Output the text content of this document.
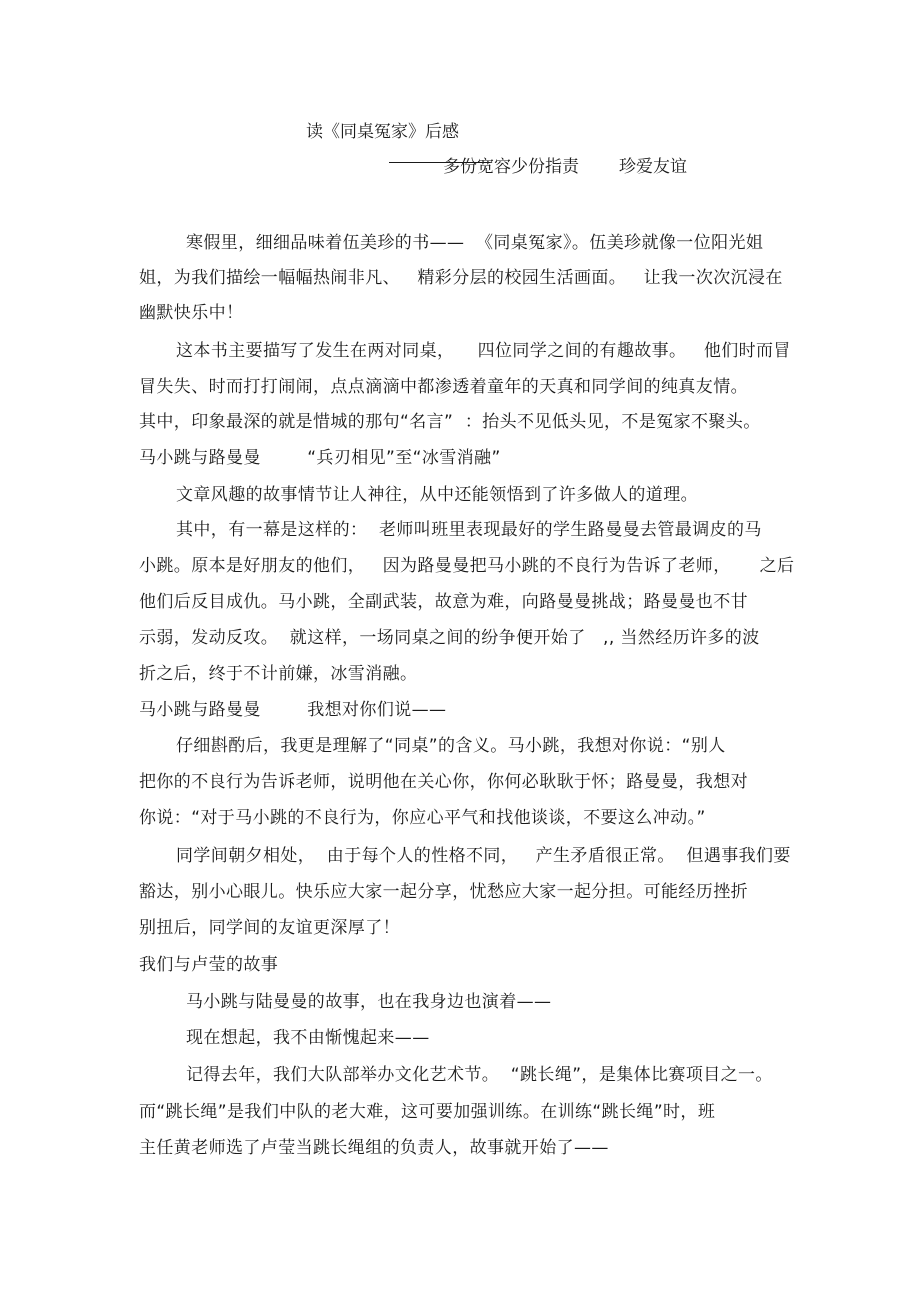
读《同桌冤家》后感
多份宽容少份指责 珍爱友谊
寒假里，细细品味着伍美珍的书——  《同桌冤家》。伍美珍就像一位阳光姐
姐，为我们描绘一幅幅热闹非凡、   精彩分层的校园生活画面。   让我一次次沉浸在
幽默快乐中！
这本书主要描写了发生在两对同桌，    四位同学之间的有趣故事。   他们时而冒
冒失失、时而打打闹闹，点点滴滴中都渗透着童年的天真和同学间的纯真友情。
其中，印象最深的就是惜城的那句“名言”  ：抬头不见低头见，不是冤家不聚头。
马小跳与路曼曼        “兵刃相见”至“冰雪消融”
文章风趣的故事情节让人神往，从中还能领悟到了许多做人的道理。
其中，有一幕是这样的：  老师叫班里表现最好的学生路曼曼去管最调皮的马
小跳。原本是好朋友的他们，   因为路曼曼把马小跳的不良行为告诉了老师，     之后
他们后反目成仇。马小跳，全副武装，故意为难，向路曼曼挑战；路曼曼也不甘
示弱，发动反攻。  就这样，一场同桌之间的纷争便开始了   ,, 当然经历许多的波
折之后，终于不计前嫌，冰雪消融。
马小跳与路曼曼        我想对你们说——
仔细斟酌后，我更是理解了“同桌”的含义。马小跳，我想对你说：“别人
把你的不良行为告诉老师，说明他在关心你，你何必耿耿于怀；路曼曼，我想对
你说：“对于马小跳的不良行为，你应心平气和找他谈谈，不要这么冲动。”
同学间朝夕相处，  由于每个人的性格不同，   产生矛盾很正常。  但遇事我们要
豁达，别小心眼儿。快乐应大家一起分享，忧愁应大家一起分担。可能经历挫折
别扭后，同学间的友谊更深厚了！
我们与卢莹的故事
马小跳与陆曼曼的故事，也在我身边也演着——
现在想起，我不由惭愧起来——
记得去年，我们大队部举办文化艺术节。  “跳长绳”，是集体比赛项目之一。
而“跳长绳”是我们中队的老大难，这可要加强训练。在训练“跳长绳”时，班
主任黄老师选了卢莹当跳长绳组的负责人，故事就开始了——
